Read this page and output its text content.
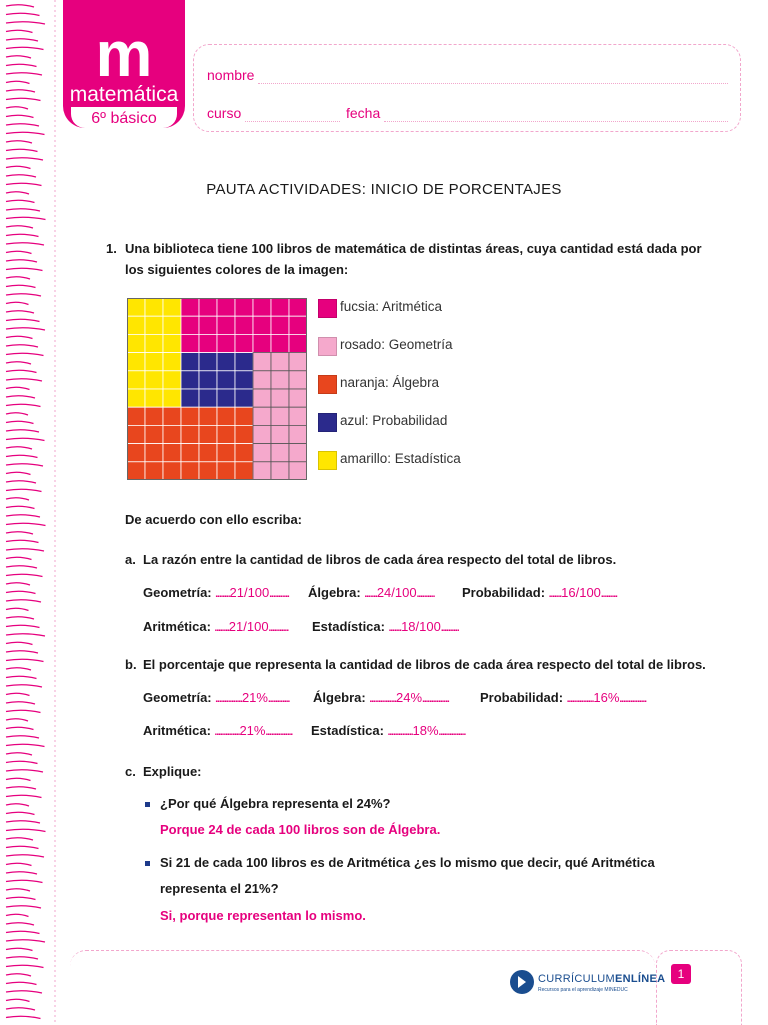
m
matemática
6º básico
nombre
curso	fecha
PAUTA ACTIVIDADES: INICIO DE PORCENTAJES
1. Una biblioteca tiene 100 libros de matemática de distintas áreas, cuya cantidad está dada por
los siguientes colores de la imagen:
fucsia: Aritmética
rosado: Geometría
naranja: Álgebra
azul: Probabilidad
amarillo: Estadística
De acuerdo con ello escriba:
a. La razón entre la cantidad de libros de cada área respecto del total de libros.
Geometría: ........21/100........... Álgebra: .......24/100.......... Probabilidad: .......16/100.........
Aritmética: ........21/100........... Estadística: .......18/100..........
b. El porcentaje que representa la cantidad de libros de cada área respecto del total de libros.
Geometría: ...............21%............ Álgebra: ...............24%............... Probabilidad: ...............16%...............
Aritmética: ..............21%............... Estadística: ..............18%...............
c. Explique:
¿Por qué Álgebra representa el 24%?
Porque 24 de cada 100 libros son de Álgebra.
Si 21 de cada 100 libros es de Aritmética ¿es lo mismo que decir, qué Aritmética
representa el 21%?
Si, porque representan lo mismo.
1
CURRÍCULUMENLÍNEA
Recursos para el aprendizaje MINEDUC
